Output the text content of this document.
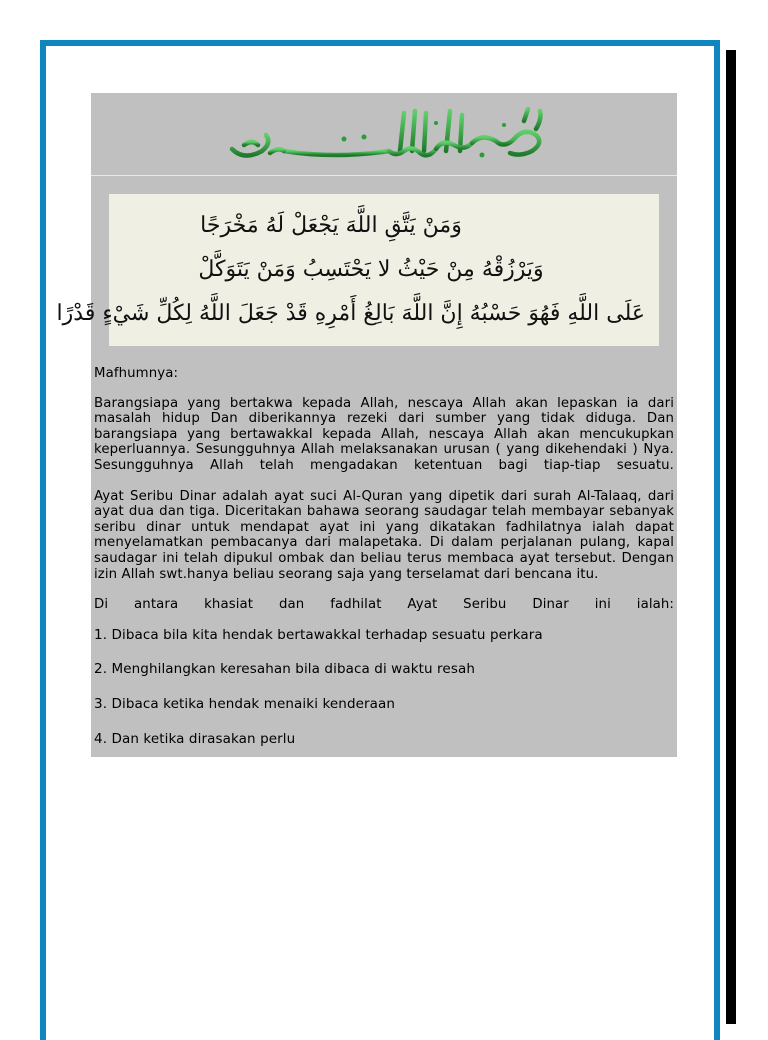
وَمَنْ يَتَّقِ اللَّهَ يَجْعَلْ لَهُ مَخْرَجًا
وَيَرْزُقْهُ مِنْ حَيْثُ لا يَحْتَسِبُ وَمَنْ يَتَوَكَّلْ
عَلَى اللَّهِ فَهُوَ حَسْبُهُ إِنَّ اللَّهَ بَالِغُ أَمْرِهِ قَدْ جَعَلَ اللَّهُ لِكُلِّ شَيْءٍ قَدْرًا

Mafhumnya:

Barangsiapa yang bertakwa kepada Allah, nescaya Allah akan lepaskan ia dari masalah hidup Dan diberikannya rezeki dari sumber yang tidak diduga. Dan barangsiapa yang bertawakkal kepada Allah, nescaya Allah akan mencukupkan keperluannya. Sesungguhnya Allah melaksanakan urusan ( yang dikehendaki ) Nya. Sesungguhnya Allah telah mengadakan ketentuan bagi tiap-tiap sesuatu.

Ayat Seribu Dinar adalah ayat suci Al-Quran yang dipetik dari surah Al-Talaaq, dari ayat dua dan tiga. Diceritakan bahawa seorang saudagar telah membayar sebanyak seribu dinar untuk mendapat ayat ini yang dikatakan fadhilatnya ialah dapat menyelamatkan pembacanya dari malapetaka. Di dalam perjalanan pulang, kapal saudagar ini telah dipukul ombak dan beliau terus membaca ayat tersebut. Dengan izin Allah swt.hanya beliau seorang saja yang terselamat dari bencana itu.

Di antara khasiat dan fadhilat Ayat Seribu Dinar ini ialah:

1. Dibaca bila kita hendak bertawakkal terhadap sesuatu perkara

2. Menghilangkan keresahan bila dibaca di waktu resah

3. Dibaca ketika hendak menaiki kenderaan

4. Dan ketika dirasakan perlu
